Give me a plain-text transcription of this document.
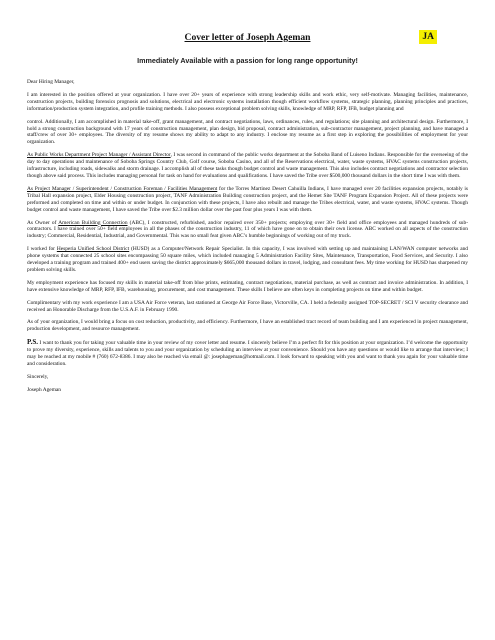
Cover letter of Joseph Ageman	JA
Immediately Available with a passion for long range opportunity!

Dear Hiring Manager,

I am interested in the position offered at your organization. I have over 20+ years of experience with strong leadership skills and work ethic, very self-motivate. Managing facilities, maintenance, construction projects, building forensics prognosis and solutions, electrical and electronic systems installation though efficient workflow systems, strategic planning, planning principles and practices, information/production system integration, and profile training methods. I also possess exceptional problem solving skills, knowledge of MRP, RFP, IFB, budget planning and

control. Additionally, I am accomplished in material take-off, grant management, and contract negotiations, laws, ordinances, rules, and regulations; site planning and architectural design. Furthermore, I hold a strong construction background with 17 years of construction management, plan design, bid proposal, contract administration, sub-contractor management, project planning, and have managed a staff/crew of over 30+ employees. The diversity of my resume shows my ability to adapt to any industry. I enclose my resume as a first step in exploring the possibilities of employment for your organization.

As Public Works Department Project Manager / Assistant Director, I was second in command of the public works department at the Soboba Band of Luiseno Indians. Responsible for the overseeing of the day to day operations and maintenance of Soboba Springs Country Club, Golf course, Soboba Casino, and all of the Reservations electrical, water, waste systems, HVAC systems construction projects, infrastructure, including roads, sidewalks and storm drainage. I accomplish all of these tasks though budget control and waste management. This also includes contract negotiations and contractor selection though above said process. This includes managing personal for task on hand for evaluations and qualifications. I have saved the Tribe over $500,000 thousand dollars in the short time I was with them.

As Project Manager / Superintendent / Construction Foreman / Facilities Management for the Torres Martinez Desert Cahuilla Indians, I have managed over 20 facilities expansion projects, notably is Tribal Hall expansion project, Elder Housing construction project, TANF Administration Building construction project, and the Hemet Site TANF Program Expansion Project. All of these projects were preformed and completed on time and within or under budget. In conjunction with these projects, I have also rebuilt and manage the Tribes electrical, water, and waste systems, HVAC systems. Though budget control and waste management, I have saved the Tribe over $2.3 million dollar over the past four plus years I was with them.

As Owner of American Building Connection (ABC), I constructed, refurbished, and/or repaired over 350+ projects; employing over 30+ field and office employees and managed hundreds of sub-contractors. I have trained over 50+ field employees in all the phases of the construction industry, 11 of which have gone on to obtain their own license. ABC worked on all aspects of the construction industry; Commercial, Residential, Industrial, and Governmental. This was no small feat given ABC’s humble beginnings of working out of my truck.

I worked for Hesperia Unified School District (HUSD) as a Computer/Network Repair Specialist. In this capacity, I was involved with setting up and maintaining LAN/WAN computer networks and phone systems that connected 25 school sites encompassing 50 square miles, which included managing 5 Administration Facility Sites, Maintenance, Transportation, Food Services, and Security. I also developed a training program and trained 400+ end users saving the district approximately $665,000 thousand dollars in travel, lodging, and consultant fees. My time working for HUSD has sharpened my problem solving skills.

My employment experience has focused my skills in material take-off from blue prints, estimating, contract negotiations, material purchase, as well as contract and invoice administration. In addition, I have extensive knowledge of MRP, RFP, IFB, warehousing, procurement, and cost management. These skills I believe are often keys in completing projects on time and within budget.

Complimentary with my work experience I am a USA Air Force veteran, last stationed at George Air Force Base, Victorville, CA. I held a federally assigned TOP-SECRET / SCI V security clearance and received an Honorable Discharge from the U.S.A.F. in February 1990.

As of your organization, I would bring a focus on cost reduction, productivity, and efficiency. Furthermore, I have an established tract record of team building and I am experienced in project management, production development, and resource management.

P.S. I want to thank you for taking your valuable time in your review of my cover letter and resume. I sincerely believe I’m a perfect fit for this position at your organization. I’d welcome the opportunity to prove my diversity, experience, skills and talents to you and your organization by scheduling an interview at your convenience. Should you have any questions or would like to arrange that interview; I may be reached at my mobile # (760) 672-8386. I may also be reached via email @: josephageman@hotmail.com. I look forward to speaking with you and want to thank you again for your valuable time and consideration.

Sincerely,

Joseph Ageman
